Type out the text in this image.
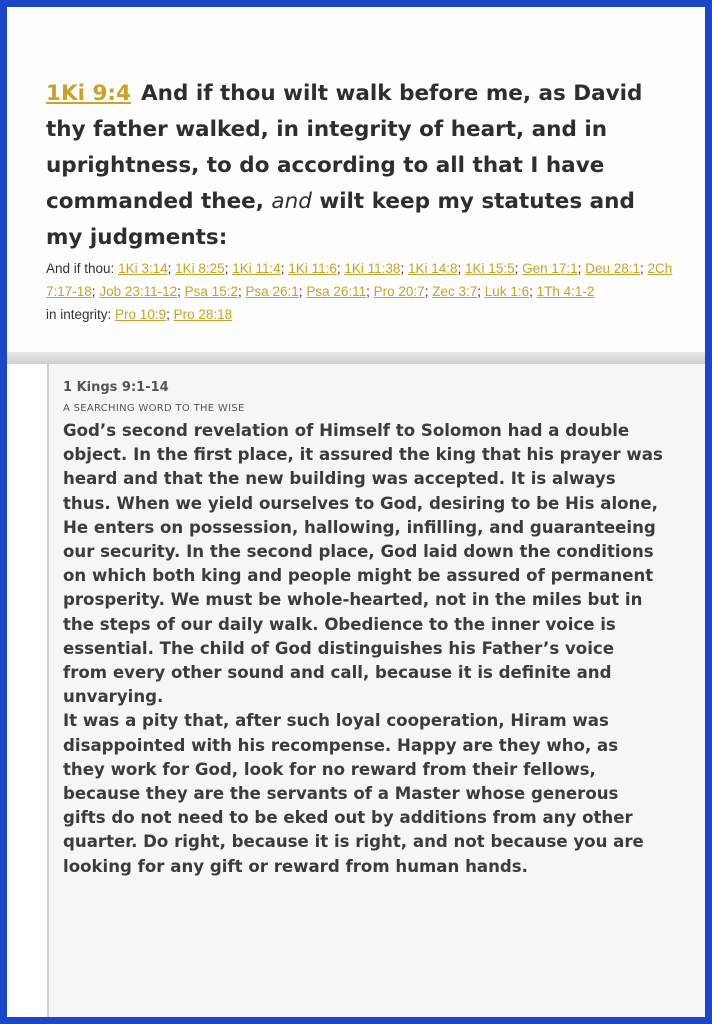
1Ki 9:4 And if thou wilt walk before me, as David thy father walked, in integrity of heart, and in uprightness, to do according to all that I have commanded thee, and wilt keep my statutes and my judgments:

And if thou: 1Ki 3:14; 1Ki 8:25; 1Ki 11:4; 1Ki 11:6; 1Ki 11:38; 1Ki 14:8; 1Ki 15:5; Gen 17:1; Deu 28:1; 2Ch 7:17-18; Job 23:11-12; Psa 15:2; Psa 26:1; Psa 26:11; Pro 20:7; Zec 3:7; Luk 1:6; 1Th 4:1-2
in integrity: Pro 10:9; Pro 28:18
1 Kings 9:1-14
A SEARCHING WORD TO THE WISE

God’s second revelation of Himself to Solomon had a double object. In the first place, it assured the king that his prayer was heard and that the new building was accepted. It is always thus. When we yield ourselves to God, desiring to be His alone, He enters on possession, hallowing, infilling, and guaranteeing our security. In the second place, God laid down the conditions on which both king and people might be assured of permanent prosperity. We must be whole-hearted, not in the miles but in the steps of our daily walk. Obedience to the inner voice is essential. The child of God distinguishes his Father’s voice from every other sound and call, because it is definite and unvarying.

It was a pity that, after such loyal cooperation, Hiram was disappointed with his recompense. Happy are they who, as they work for God, look for no reward from their fellows, because they are the servants of a Master whose generous gifts do not need to be eked out by additions from any other quarter. Do right, because it is right, and not because you are looking for any gift or reward from human hands.
